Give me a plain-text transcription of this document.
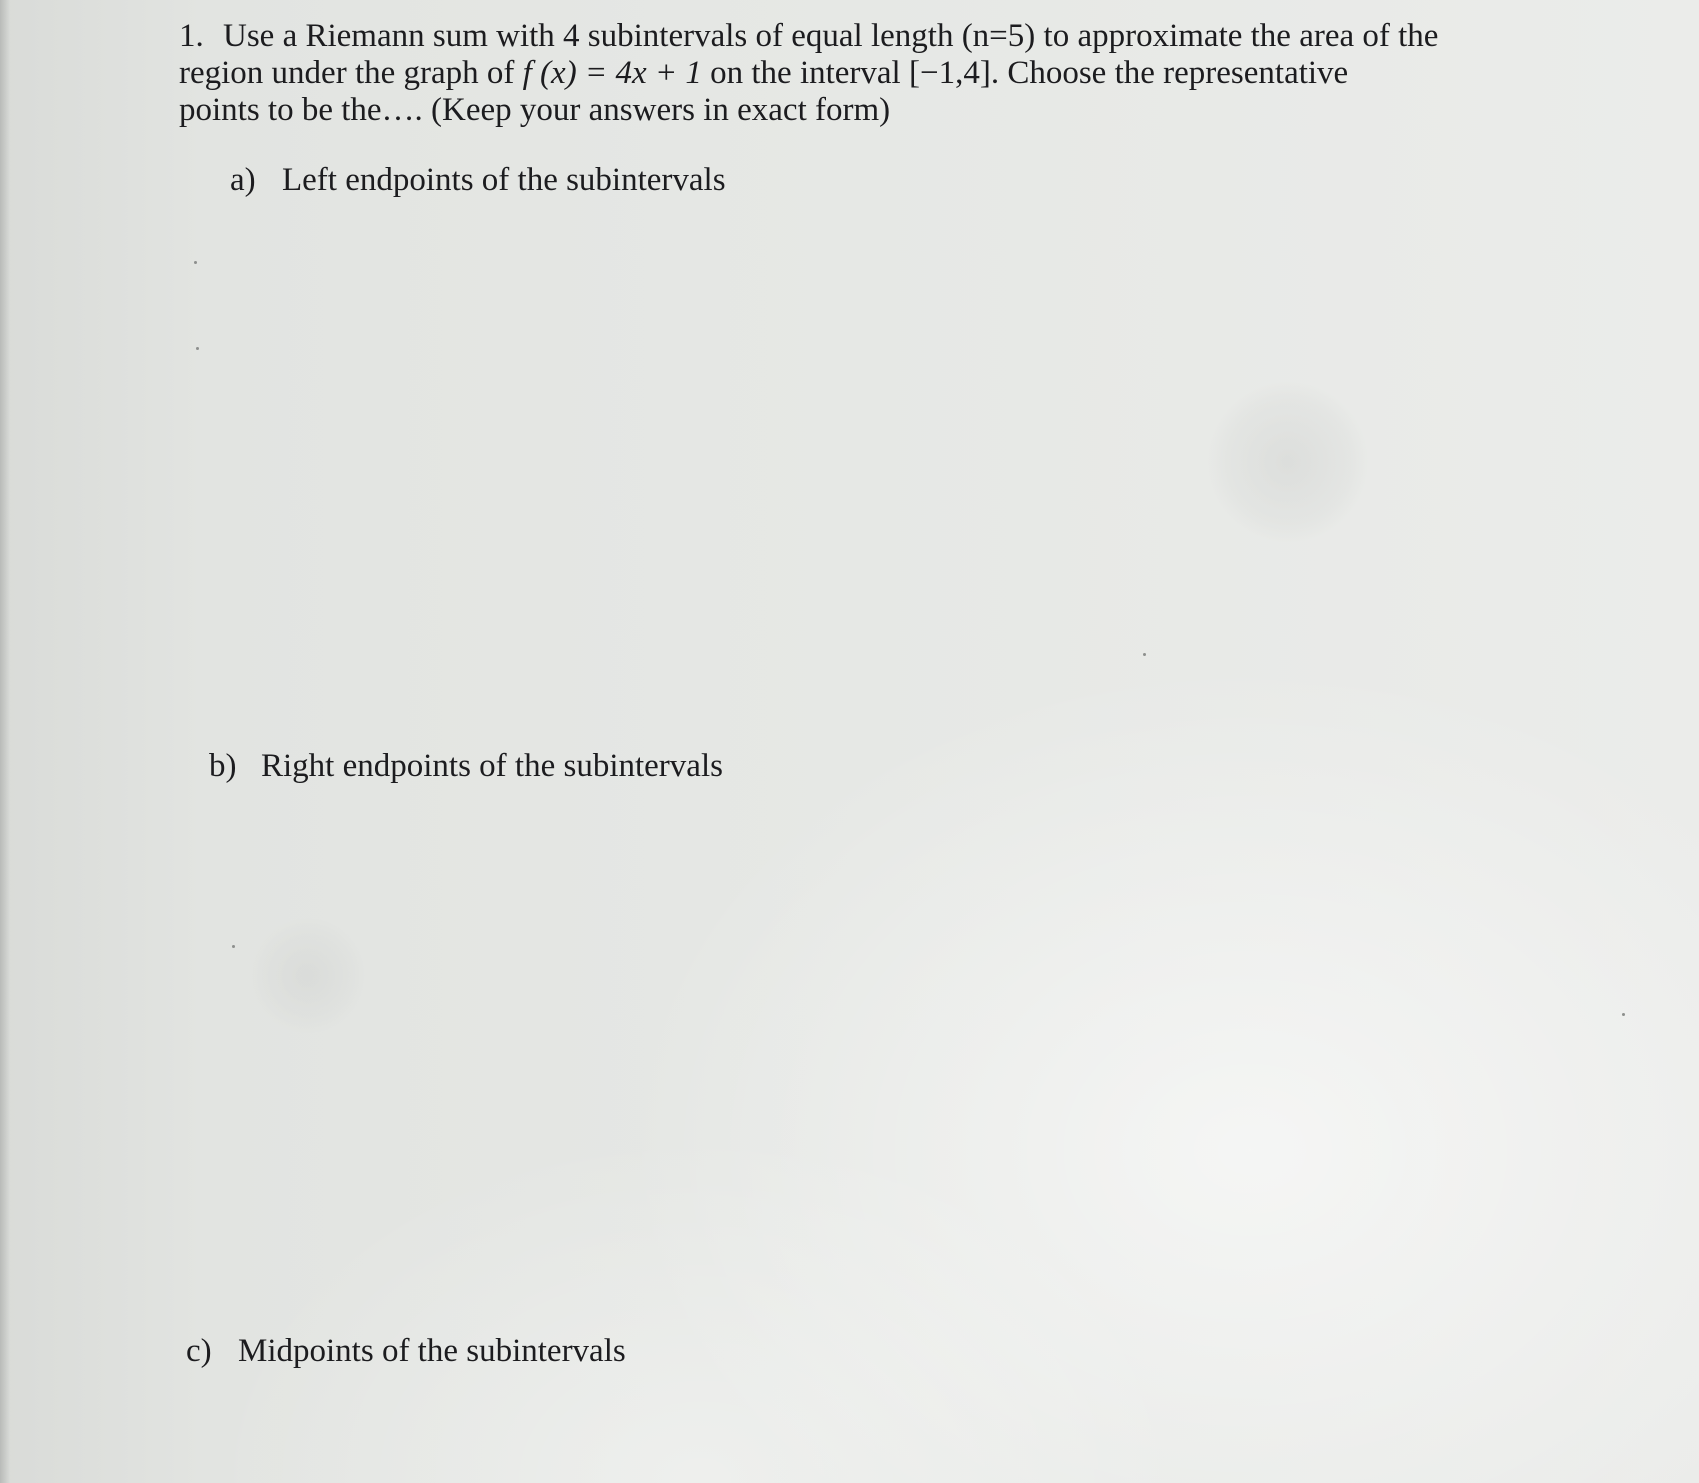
1. Use a Riemann sum with 4 subintervals of equal length (n=5) to approximate the area of the
region under the graph of f (x) = 4x + 1 on the interval [−1,4]. Choose the representative
points to be the…. (Keep your answers in exact form)
a) Left endpoints of the subintervals
b) Right endpoints of the subintervals
c) Midpoints of the subintervals
